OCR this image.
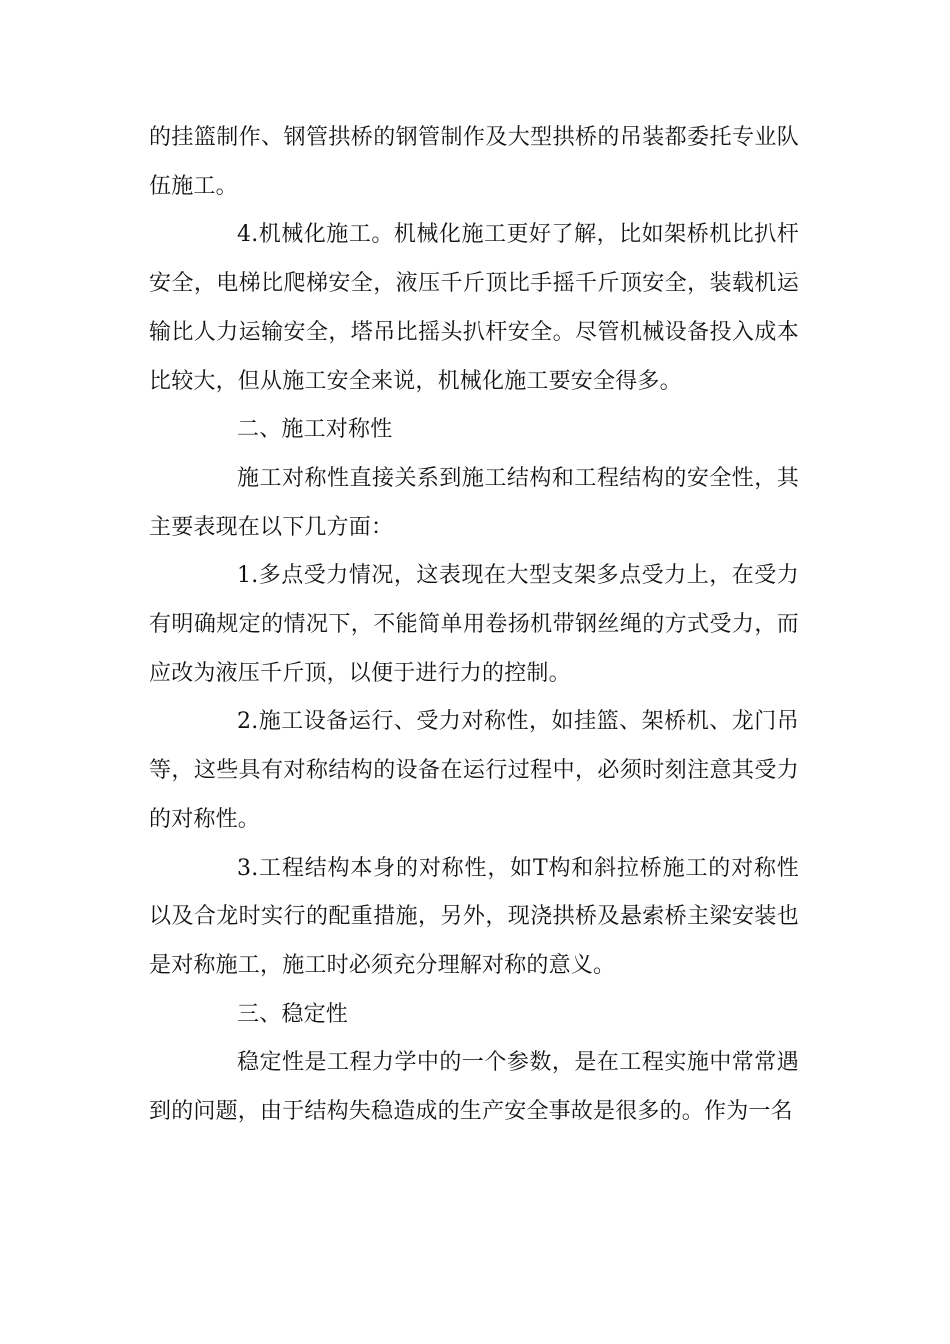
的挂篮制作、钢管拱桥的钢管制作及大型拱桥的吊装都委托专业队伍施工。

4.机械化施工。机械化施工更好了解，比如架桥机比扒杆安全，电梯比爬梯安全，液压千斤顶比手摇千斤顶安全，装载机运输比人力运输安全，塔吊比摇头扒杆安全。尽管机械设备投入成本比较大，但从施工安全来说，机械化施工要安全得多。

二、施工对称性

施工对称性直接关系到施工结构和工程结构的安全性，其主要表现在以下几方面：

1.多点受力情况，这表现在大型支架多点受力上，在受力有明确规定的情况下，不能简单用卷扬机带钢丝绳的方式受力，而应改为液压千斤顶，以便于进行力的控制。

2.施工设备运行、受力对称性，如挂篮、架桥机、龙门吊等，这些具有对称结构的设备在运行过程中，必须时刻注意其受力的对称性。

3.工程结构本身的对称性，如T构和斜拉桥施工的对称性以及合龙时实行的配重措施，另外，现浇拱桥及悬索桥主梁安装也是对称施工，施工时必须充分理解对称的意义。

三、稳定性

稳定性是工程力学中的一个参数，是在工程实施中常常遇到的问题，由于结构失稳造成的生产安全事故是很多的。作为一名
